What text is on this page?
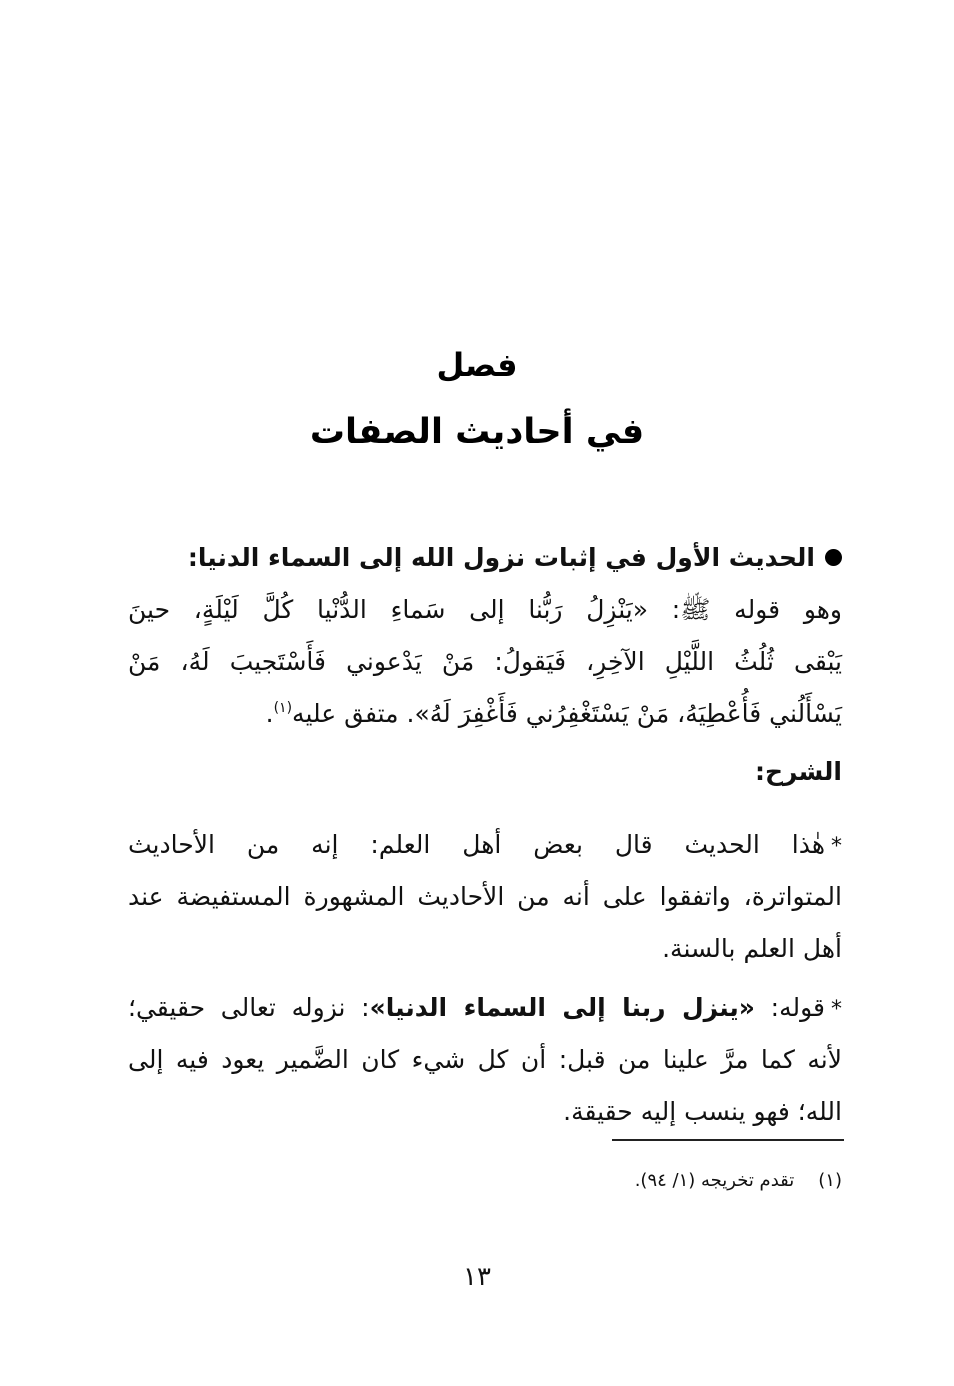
فصل
في أحاديث الصفات

الحديث الأول في إثبات نزول الله إلى السماء الدنيا:

وهو قوله ﷺ: «يَنْزِلُ رَبُّنا إلى سَماءِ الدُّنْيا كُلَّ لَيْلَةٍ، حينَ

يَبْقى ثُلُثُ اللَّيْلِ الآخِرِ، فَيَقولُ: مَنْ يَدْعوني فَأَسْتَجيبَ لَهُ، مَنْ

يَسْأَلُني فَأُعْطِيَهُ، مَنْ يَسْتَغْفِرُني فَأَغْفِرَ لَهُ». متفق عليه$^{(١)}$.

الشرح:

*هٰذا الحديث قال بعض أهل العلم: إنه من الأحاديث

المتواترة، واتفقوا على أنه من الأحاديث المشهورة المستفيضة عند

أهل العلم بالسنة.

*قوله: «ينزل ربنا إلى السماء الدنيا»: نزوله تعالى حقيقي؛

لأنه كما مرَّ علينا من قبل: أن كل شيء كان الضَّمير يعود فيه إلى

الله؛ فهو ينسب إليه حقيقة.

(١)تقدم تخريجه (١/ ٩٤).

١٣
